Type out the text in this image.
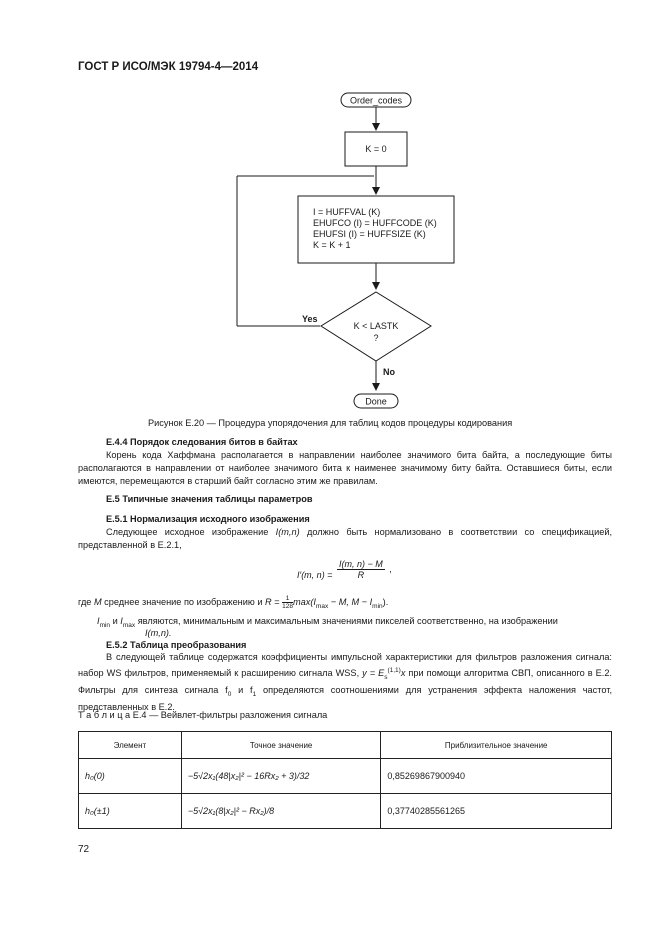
ГОСТ Р ИСО/МЭК 19794-4—2014
Order_codes
K = 0
I = HUFFVAL (K)
EHUFCO (I) = HUFFCODE (K)
EHUFSI (I) = HUFFSIZE (K)
K = K + 1
K < LASTK
?
Yes
No
Done
Рисунок Е.20 — Процедура упорядочения для таблиц кодов процедуры кодирования
E.4.4 Порядок следования битов в байтах
Корень кода Хаффмана располагается в направлении наиболее значимого бита байта, а последующие биты располагаются в направлении от наиболее значимого бита к наименее значимому биту байта. Оставшиеся биты, если имеются, перемещаются в старший байт согласно этим же правилам.
E.5 Типичные значения таблицы параметров
E.5.1 Нормализация исходного изображения
Следующее исходное изображение I(m,n) должно быть нормализовано в соответствии со спецификацией, представленной в Е.2.1,
I′(m, $n) = \frac{I(m, n) - M}{R}$ ,
где M среднее значение по изображению и $R = \frac{1}{128} \max(I_{max} - M$, $M - I_{min}$).
$I_{min}$ и $I_{max}$ являются, минимальным и максимальным значениями пикселей соответственно, на изображении
I(m,n).
E.5.2 Таблица преобразования
В следующей таблице содержатся коэффициенты импульсной характеристики для фильтров разложения сигнала: набор WS фильтров, применяемый к расширению сигнала WSS, $y = E_s^{(1,1)}x$ при помощи алгоритма СВП, описанного в Е.2. Фильтры для синтеза сигнала $f_0$ и $f_1$ определяются соотношениями для устранения эффекта наложения частот, представленных в Е.2.
Т а б л и ц а Е.4 — Вейвлет-фильтры разложения сигнала
Элемент	Точное значение	Приблизительное значение
h₀(0)	−5√2x₁(48|x₂|² − 16Rx₂ + 3)/32	0,85269867900940
h₀(±1)	−5√2x₁(8|x₂|² − Rx₂)/8	0,37740285561265
72
